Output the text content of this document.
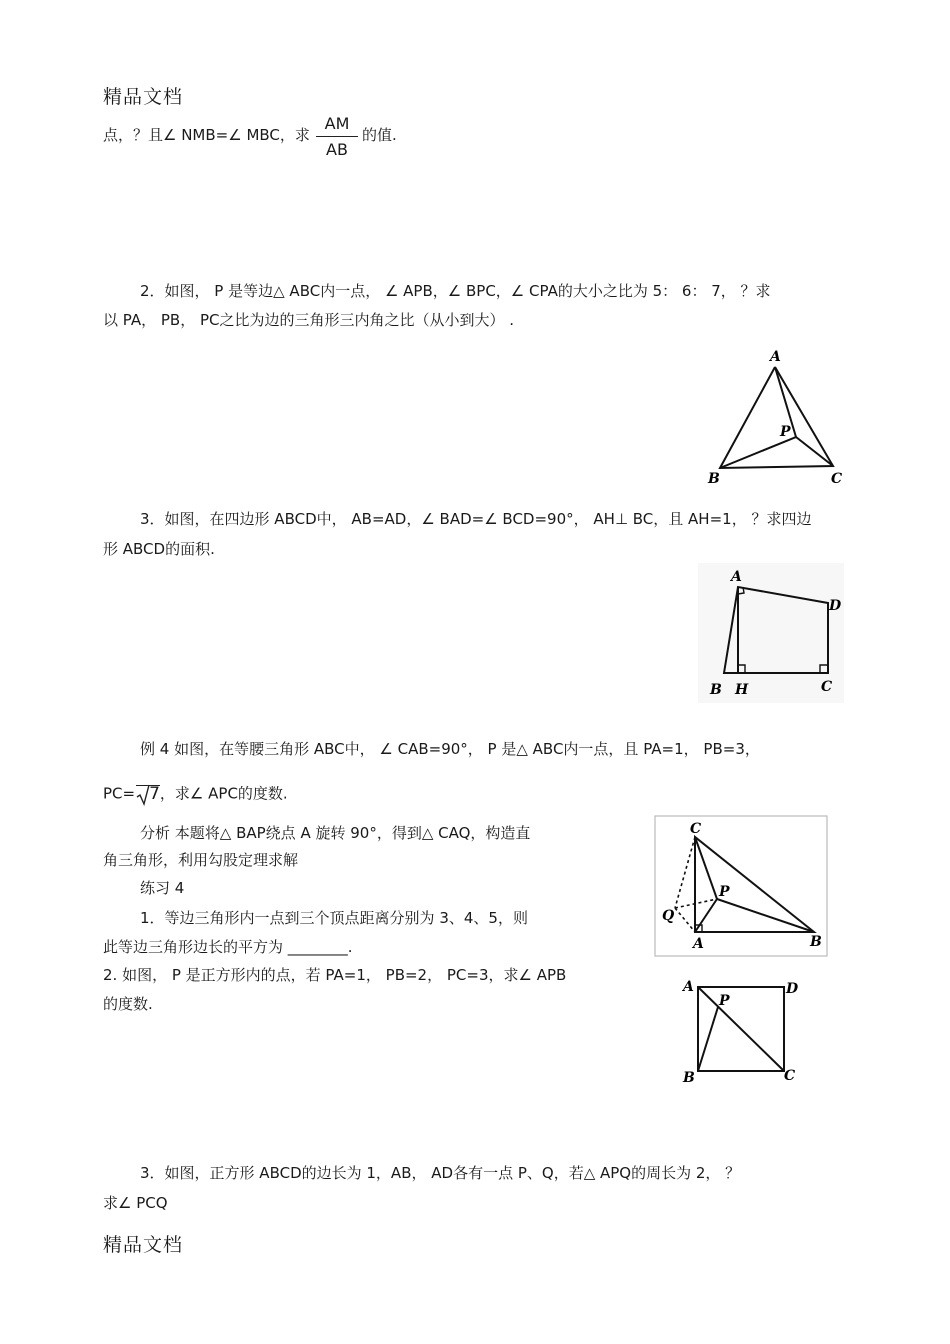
精品文档
点，？且∠ NMB=∠ MBC，求
AM
AB
的值.
2．如图， P 是等边△ ABC内一点， ∠ APB，∠ BPC，∠ CPA的大小之比为 5： 6： 7， ？求
以 PA， PB， PC之比为边的三角形三内角之比（从小到大） .
A
P
B	C
3．如图，在四边形 ABCD中， AB=AD，∠ BAD=∠ BCD=90°， AH⊥ BC，且 AH=1， ？求四边
形 ABCD的面积.
A
D
B H	C
例 4 如图，在等腰三角形 ABC中， ∠ CAB=90°， P 是△ ABC内一点，且 PA=1， PB=3，
PC= 7，求∠ APC的度数.
分析 本题将△ BAP绕点 A 旋转 90°，得到△ CAQ，构造直
角三角形，利用勾股定理求解
练习 4
1．等边三角形内一点到三个顶点距离分别为 3、4、5，则
此等边三角形边长的平方为 ________.
2. 如图， P 是正方形内的点，若 PA=1， PB=2， PC=3，求∠ APB
的度数.
C
P
Q
A	B
A
P
D
B	C
3．如图，正方形 ABCD的边长为 1，AB， AD各有一点 P、Q，若△ APQ的周长为 2， ？
求∠ PCQ
精品文档
